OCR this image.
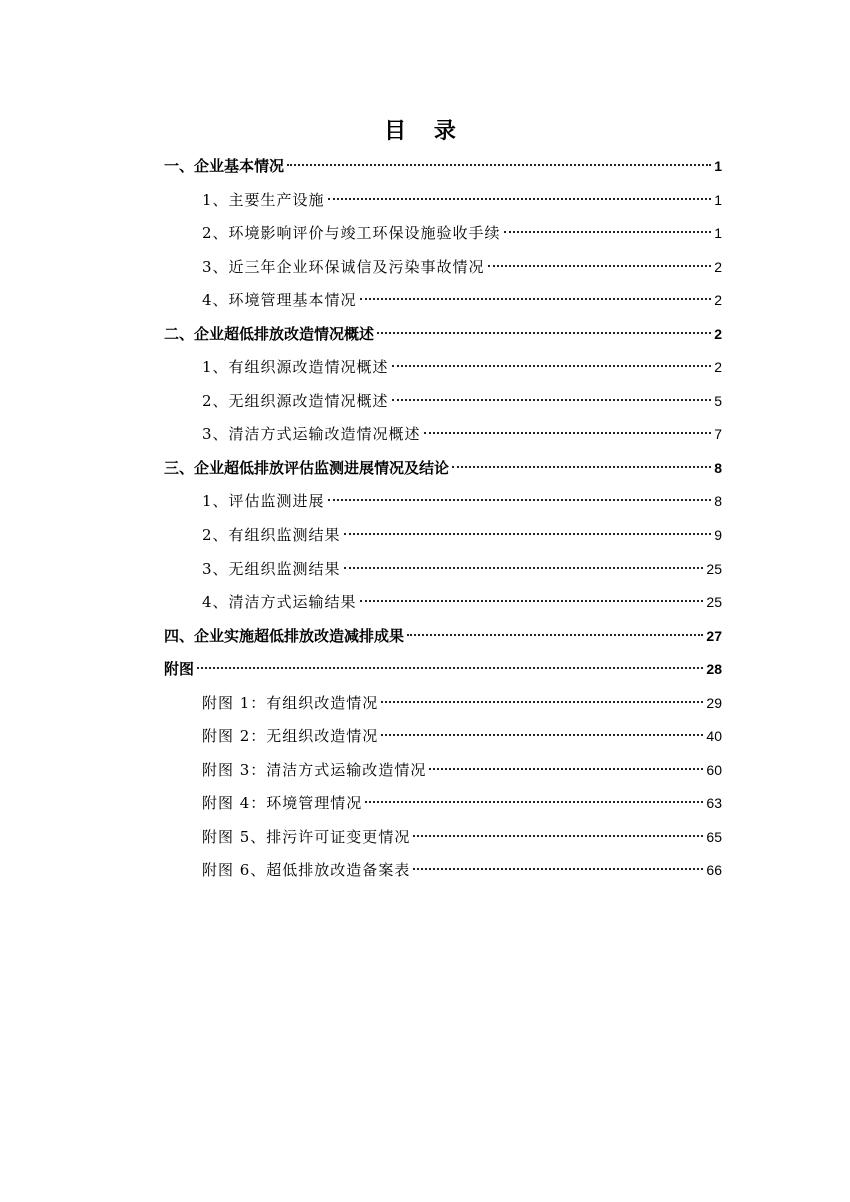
目 录
一、企业基本情况	1
1、主要生产设施	1
2、环境影响评价与竣工环保设施验收手续	1
3、近三年企业环保诚信及污染事故情况	2
4、环境管理基本情况	2
二、企业超低排放改造情况概述	2
1、有组织源改造情况概述	2
2、无组织源改造情况概述	5
3、清洁方式运输改造情况概述	7
三、企业超低排放评估监测进展情况及结论	8
1、评估监测进展	8
2、有组织监测结果	9
3、无组织监测结果	25
4、清洁方式运输结果	25
四、企业实施超低排放改造减排成果	27
附图	28
附图 1：有组织改造情况	29
附图 2：无组织改造情况	40
附图 3：清洁方式运输改造情况	60
附图 4：环境管理情况	63
附图 5、排污许可证变更情况	65
附图 6、超低排放改造备案表	66
